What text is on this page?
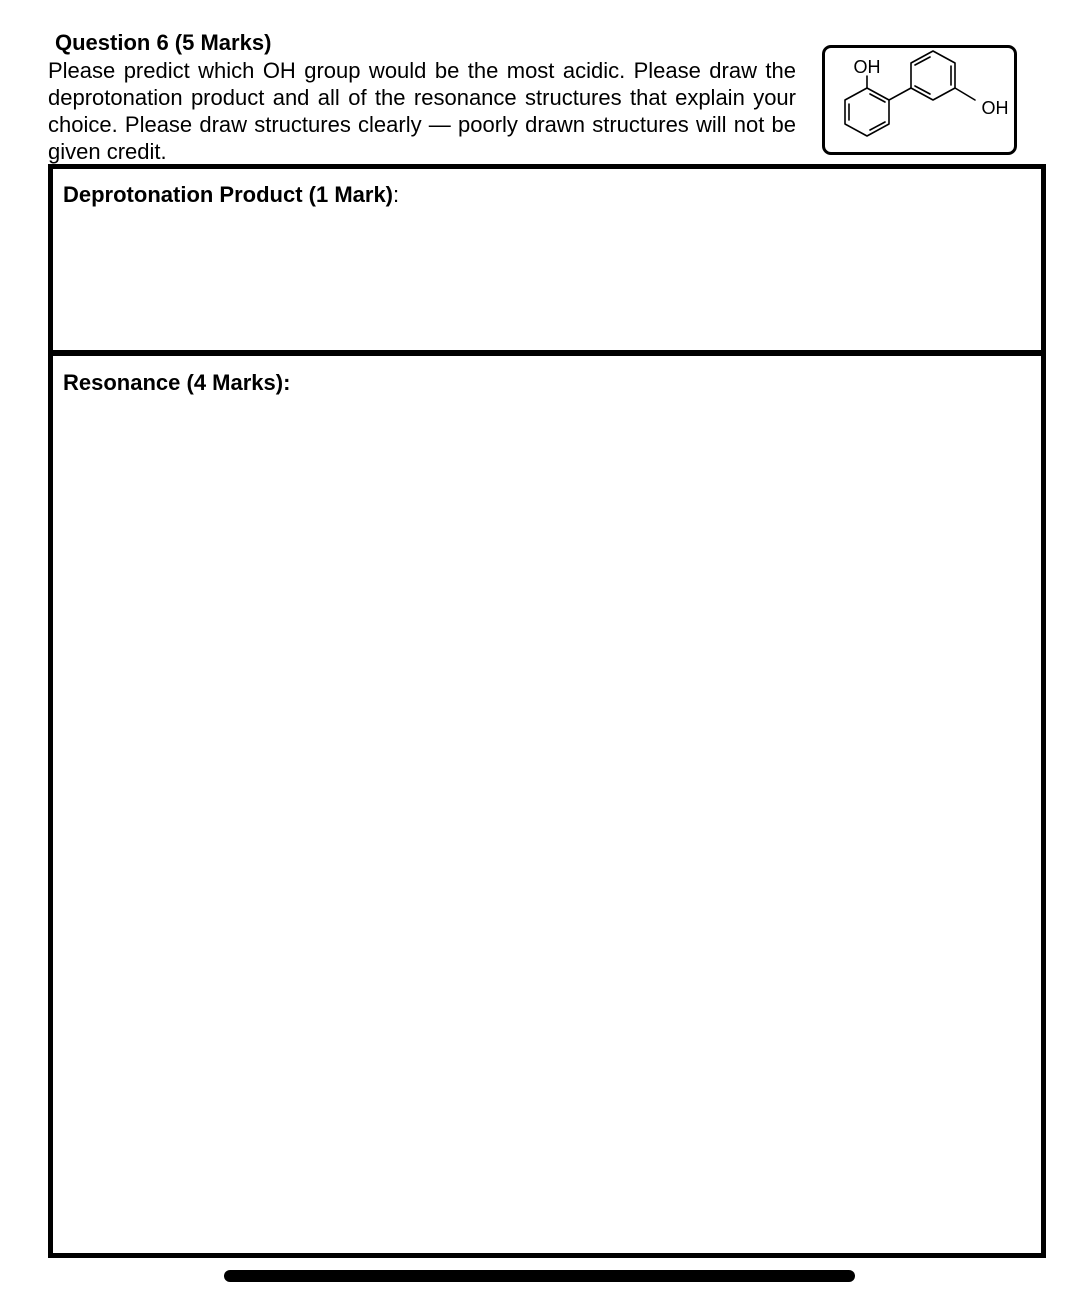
Question 6 (5 Marks)

Please predict which OH group would be the most acidic. Please draw the deprotonation product and all of the resonance structures that explain your choice. Please draw structures clearly — poorly drawn structures will not be given credit.

OH
OH
Deprotonation Product (1 Mark):
Resonance (4 Marks):
